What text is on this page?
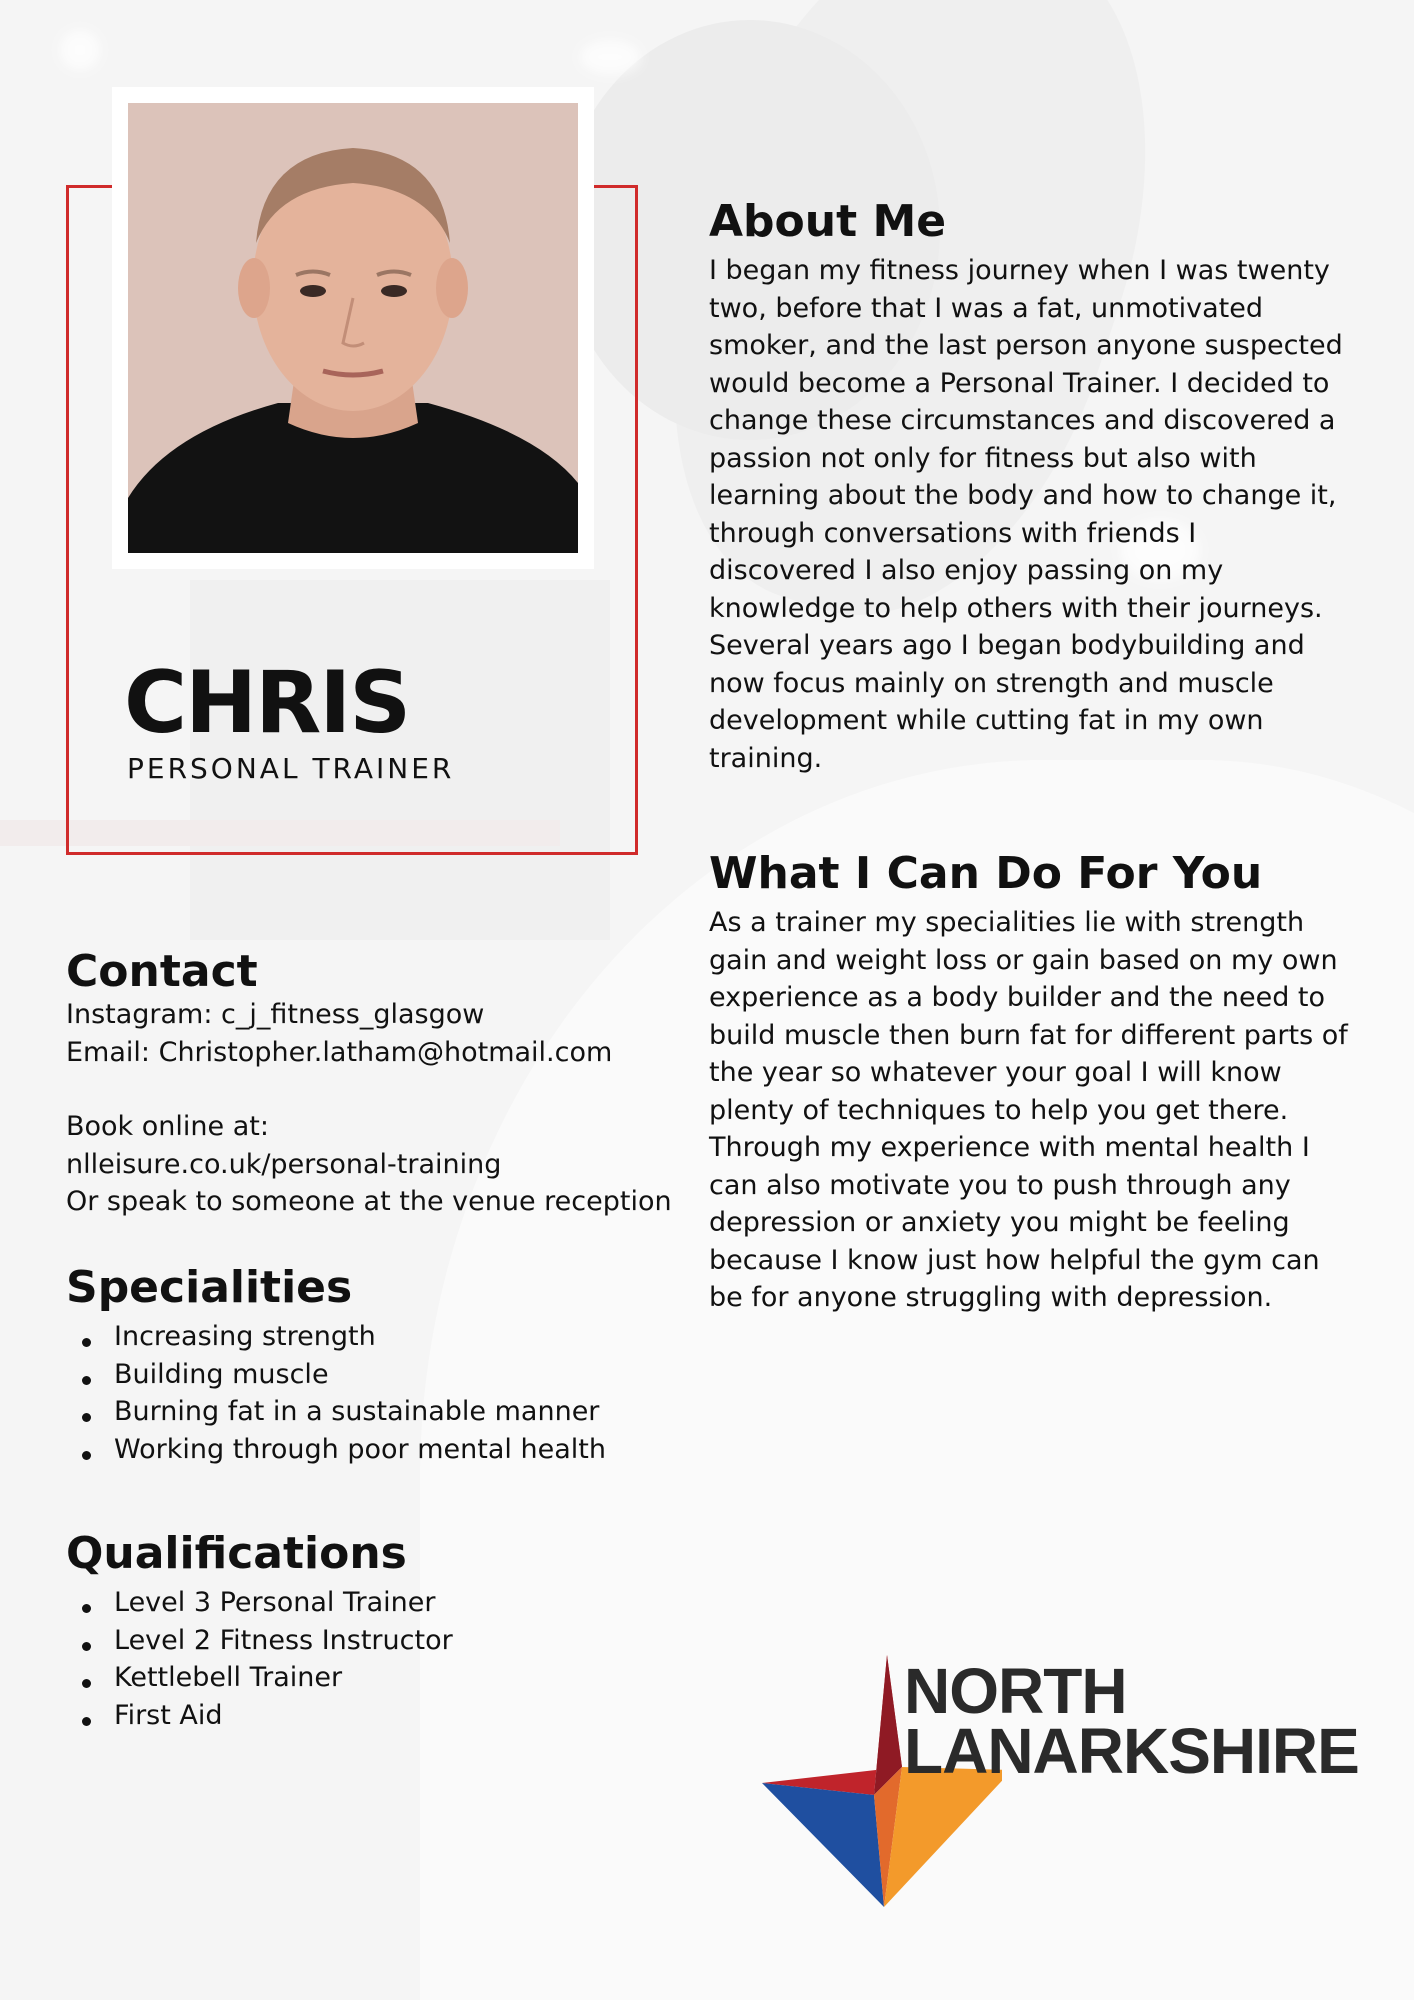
CHRIS
PERSONAL TRAINER
About Me

I began my fitness journey when I was twenty two, before that I was a fat, unmotivated smoker, and the last person anyone suspected would become a Personal Trainer. I decided to change these circumstances and discovered a passion not only for fitness but also with learning about the body and how to change it, through conversations with friends I discovered I also enjoy passing on my knowledge to help others with their journeys. Several years ago I began bodybuilding and now focus mainly on strength and muscle development while cutting fat in my own training.

What I Can Do For You

As a trainer my specialities lie with strength gain and weight loss or gain based on my own experience as a body builder and the need to build muscle then burn fat for different parts of the year so whatever your goal I will know plenty of techniques to help you get there. Through my experience with mental health I can also motivate you to push through any depression or anxiety you might be feeling because I know just how helpful the gym can be for anyone struggling with depression.

Contact
Instagram: c_j_fitness_glasgow
Email: Christopher.latham@hotmail.com
Book online at:
nlleisure.co.uk/personal-training
Or speak to someone at the venue reception
Specialities
Increasing strength
Building muscle
Burning fat in a sustainable manner
Working through poor mental health
Qualifications
Level 3 Personal Trainer
Level 2 Fitness Instructor
Kettlebell Trainer
First Aid	NORTH
LANARKSHIRE
